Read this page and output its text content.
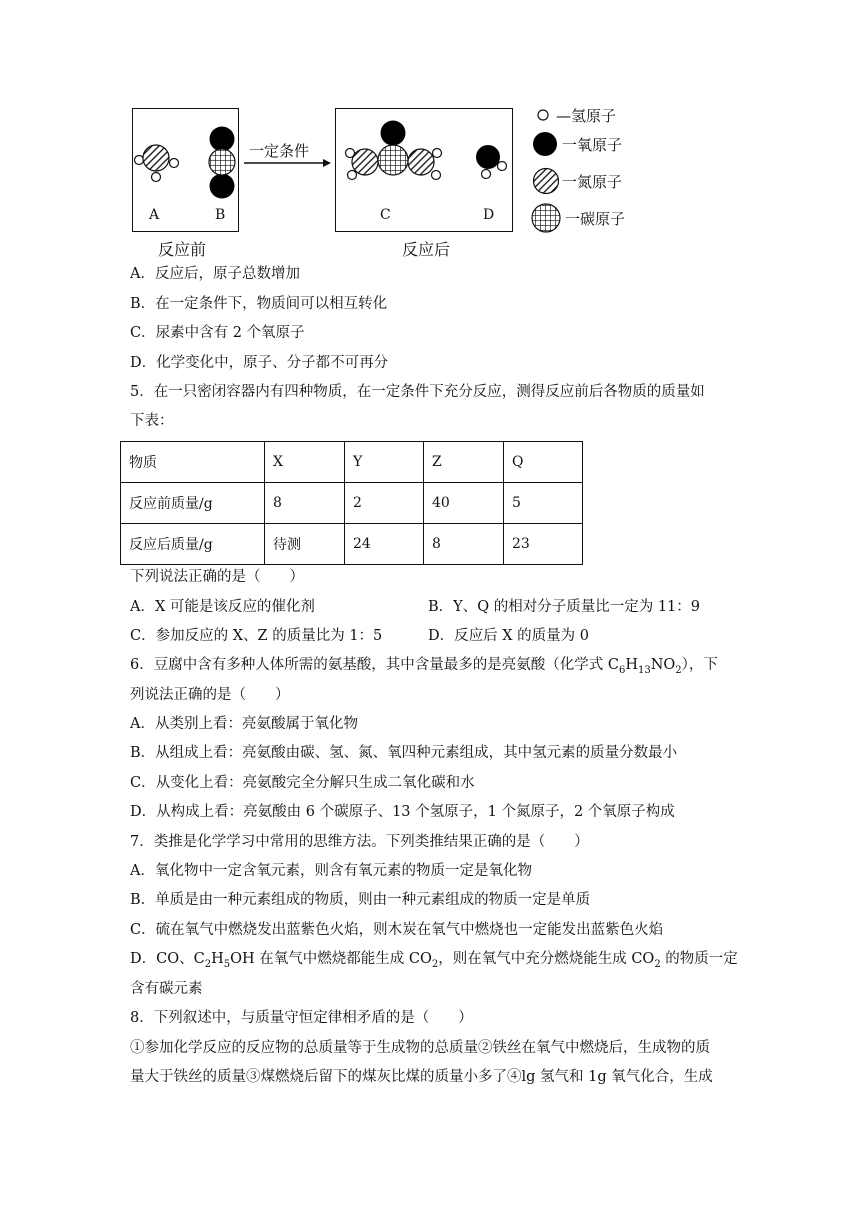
一定条件
A	B	C	D
反应前	反应后
—氢原子
一氧原子
一氮原子
一碳原子
A．反应后，原子总数增加
B．在一定条件下，物质间可以相互转化
C．尿素中含有 2 个氧原子
D．化学变化中，原子、分子都不可再分
5．在一只密闭容器内有四种物质，在一定条件下充分反应，测得反应前后各物质的质量如
下表：
物质	X	Y	Z	Q
反应前质量/g	8	2	40	5
反应后质量/g	待测	24	8	23
下列说法正确的是（　　）
A．X 可能是该反应的催化剂	B．Y、Q 的相对分子质量比一定为 11：9
C．参加反应的 X、Z 的质量比为 1：5	D．反应后 X 的质量为 0
6．豆腐中含有多种人体所需的氨基酸，其中含量最多的是亮氨酸（化学式 $C_6H_{13}NO_2$），下
列说法正确的是（　　）
A．从类别上看：亮氨酸属于氧化物
B．从组成上看：亮氨酸由碳、氢、氮、氧四种元素组成，其中氢元素的质量分数最小
C．从变化上看：亮氨酸完全分解只生成二氧化碳和水
D．从构成上看：亮氨酸由 6 个碳原子、13 个氢原子，1 个氮原子，2 个氧原子构成
7．类推是化学学习中常用的思维方法。下列类推结果正确的是（　　）
A．氧化物中一定含氧元素，则含有氧元素的物质一定是氧化物
B．单质是由一种元素组成的物质，则由一种元素组成的物质一定是单质
C．硫在氧气中燃烧发出蓝紫色火焰，则木炭在氧气中燃烧也一定能发出蓝紫色火焰
D．CO、$C_2H_5OH$ 在氧气中燃烧都能生成 $CO_2$，则在氧气中充分燃烧能生成 $CO_2$ 的物质一定
含有碳元素
8．下列叙述中，与质量守恒定律相矛盾的是（　　）
①参加化学反应的反应物的总质量等于生成物的总质量②铁丝在氧气中燃烧后，生成物的质
量大于铁丝的质量③煤燃烧后留下的煤灰比煤的质量小多了④lg 氢气和 1g 氧气化合，生成
